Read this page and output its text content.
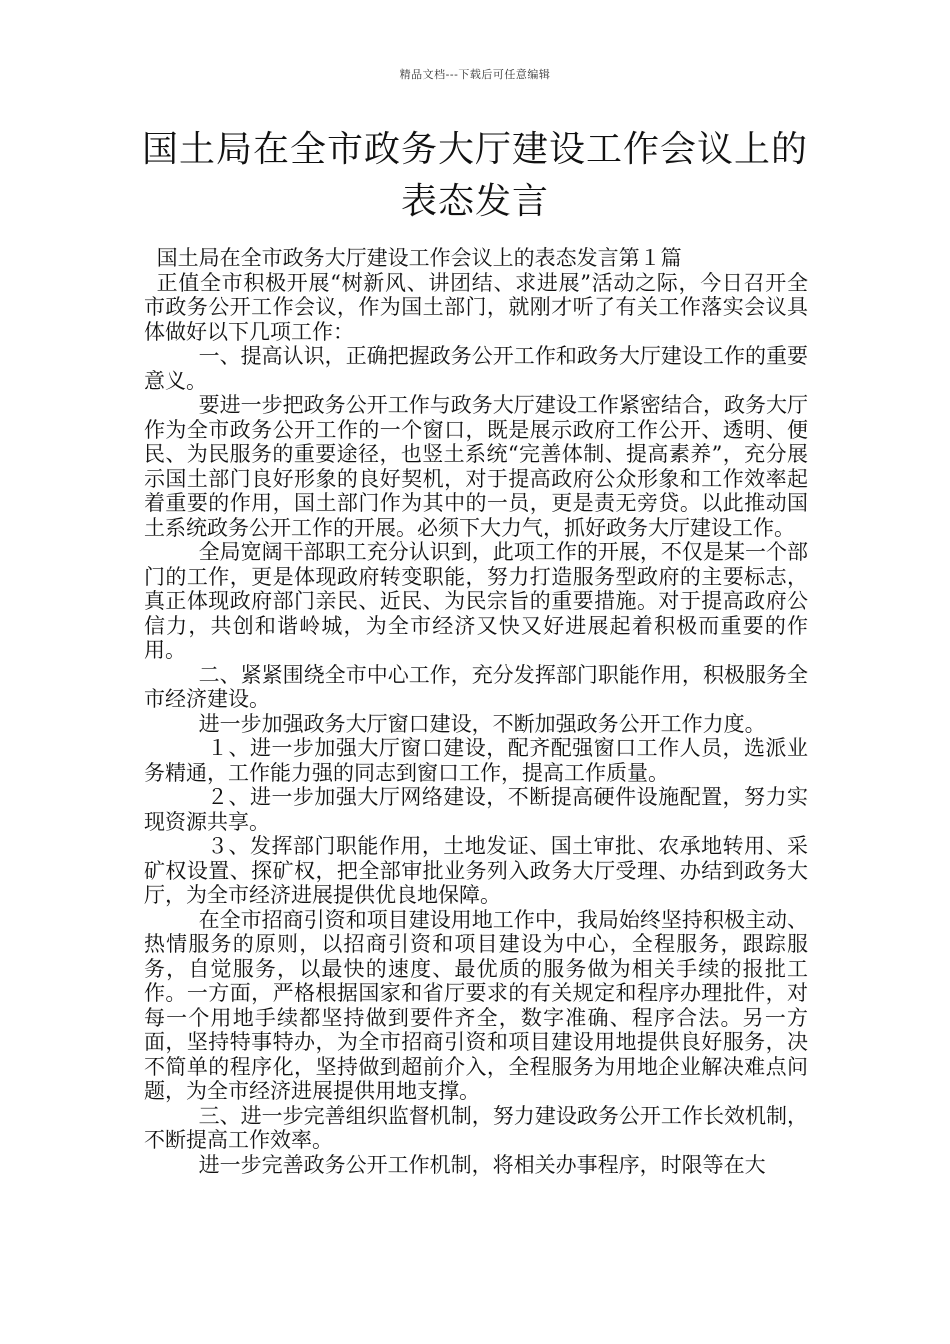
精品文档---下载后可任意编辑
国土局在全市政务大厅建设工作会议上的
表态发言

国土局在全市政务大厅建设工作会议上的表态发言第１篇

正值全市积极开展“树新风、讲团结、求进展”活动之际，今日召开全市政务公开工作会议，作为国土部门，就刚才听了有关工作落实会议具体做好以下几项工作：

一、提高认识，正确把握政务公开工作和政务大厅建设工作的重要意义。

要进一步把政务公开工作与政务大厅建设工作紧密结合，政务大厅作为全市政务公开工作的一个窗口，既是展示政府工作公开、透明、便民、为民服务的重要途径，也竖土系统“完善体制、提高素养”，充分展示国土部门良好形象的良好契机，对于提高政府公众形象和工作效率起着重要的作用，国土部门作为其中的一员，更是责无旁贷。以此推动国土系统政务公开工作的开展。必须下大力气，抓好政务大厅建设工作。

全局宽阔干部职工充分认识到，此项工作的开展，不仅是某一个部门的工作，更是体现政府转变职能，努力打造服务型政府的主要标志，真正体现政府部门亲民、近民、为民宗旨的重要措施。对于提高政府公信力，共创和谐岭城，为全市经济又快又好进展起着积极而重要的作用。

二、紧紧围绕全市中心工作，充分发挥部门职能作用，积极服务全市经济建设。

进一步加强政务大厅窗口建设，不断加强政务公开工作力度。

１、进一步加强大厅窗口建设，配齐配强窗口工作人员，选派业务精通，工作能力强的同志到窗口工作，提高工作质量。

２、进一步加强大厅网络建设，不断提高硬件设施配置，努力实现资源共享。

３、发挥部门职能作用，土地发证、国土审批、农承地转用、采矿权设置、探矿权，把全部审批业务列入政务大厅受理、办结到政务大厅，为全市经济进展提供优良地保障。

在全市招商引资和项目建设用地工作中，我局始终坚持积极主动、热情服务的原则，以招商引资和项目建设为中心，全程服务，跟踪服务，自觉服务，以最快的速度、最优质的服务做为相关手续的报批工作。一方面，严格根据国家和省厅要求的有关规定和程序办理批件，对每一个用地手续都坚持做到要件齐全，数字准确、程序合法。另一方面，坚持特事特办，为全市招商引资和项目建设用地提供良好服务，决不简单的程序化，坚持做到超前介入，全程服务为用地企业解决难点问题，为全市经济进展提供用地支撑。

三、进一步完善组织监督机制，努力建设政务公开工作长效机制，不断提高工作效率。

进一步完善政务公开工作机制，将相关办事程序，时限等在大
